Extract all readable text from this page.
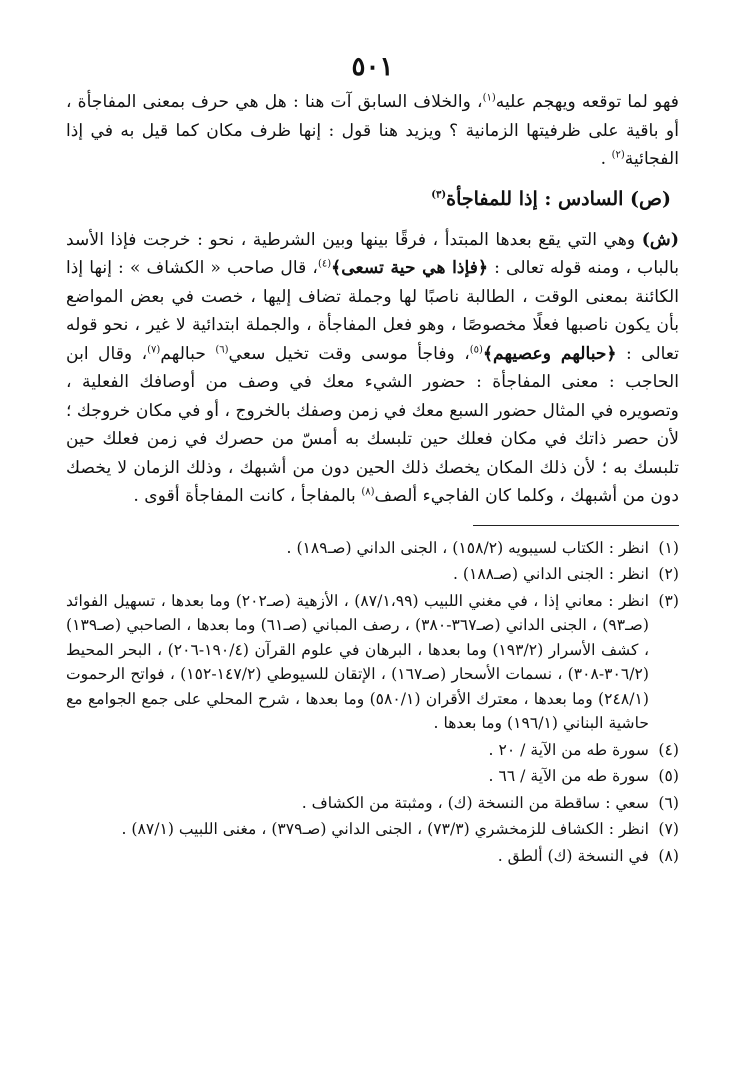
٥٠١

فهو لما توقعه ويهجم عليه$^{(١)}$، والخلاف السابق آت هنا : هل هي حرف بمعنى المفاجأة ، أو باقية على ظرفيتها الزمانية ؟ ويزيد هنا قول : إنها ظرف مكان كما قيل به في إذا الفجائية$^{(٢)}$ .

(ص) السادس : إذا للمفاجأة$^{(٣)}$

(ش) وهي التي يقع بعدها المبتدأ ، فرقًا بينها وبين الشرطية ، نحو : خرجت فإذا الأسد بالباب ، ومنه قوله تعالى : ﴿فإذا هي حية تسعى﴾$^{(٤)}$، قال صاحب « الكشاف » : إنها إذا الكائنة بمعنى الوقت ، الطالبة ناصبًا لها وجملة تضاف إليها ، خصت في بعض المواضع بأن يكون ناصبها فعلًا مخصوصًا ، وهو فعل المفاجأة ، والجملة ابتدائية لا غير ، نحو قوله تعالى : ﴿حبالهم وعصيهم﴾$^{(٥)}$، وفاجأ موسى وقت تخيل سعي$^{(٦)}$ حبالهم$^{(٧)}$، وقال ابن الحاجب : معنى المفاجأة : حضور الشيء معك في وصف من أوصافك الفعلية ، وتصويره في المثال حضور السبع معك في زمن وصفك بالخروج ، أو في مكان خروجك ؛ لأن حصر ذاتك في مكان فعلك حين تلبسك به أمسّ من حصرك في زمن فعلك حين تلبسك به ؛ لأن ذلك المكان يخصك ذلك الحين دون من أشبهك ، وذلك الزمان لا يخصك دون من أشبهك ، وكلما كان الفاجيء ألصف$^{(٨)}$ بالمفاجأ ، كانت المفاجأة أقوى .

(١)
انظر : الكتاب لسيبويه (١٥٨/٢) ، الجنى الداني (صـ١٨٩) .
(٢)
انظر : الجنى الداني (صـ١٨٨) .
(٣)
انظر : معاني إذا ، في مغني اللبيب (٨٧/١،٩٩) ، الأزهية (صـ٢٠٢) وما بعدها ، تسهيل الفوائد (صـ٩٣) ، الجنى الداني (صـ٣٦٧-٣٨٠) ، رصف المباني (صـ٦١) وما بعدها ، الصاحبي (صـ١٣٩) ، كشف الأسرار (١٩٣/٢) وما بعدها ، البرهان في علوم القرآن (١٩٠/٤-٢٠٦) ، البحر المحيط (٣٠٦/٢-٣٠٨) ، نسمات الأسحار (صـ١٦٧) ، الإتقان للسيوطي (١٤٧/٢-١٥٢) ، فواتح الرحموت (٢٤٨/١) وما بعدها ، معترك الأقران (٥٨٠/١) وما بعدها ، شرح المحلي على جمع الجوامع مع حاشية البناني (١٩٦/١) وما بعدها .
(٤)
سورة طه من الآية / ٢٠ .
(٥)
سورة طه من الآية / ٦٦ .
(٦)
سعي : ساقطة من النسخة (ك) ، ومثبتة من الكشاف .
(٧)
انظر : الكشاف للزمخشري (٧٣/٣) ، الجنى الداني (صـ٣٧٩) ، مغنى اللبيب (٨٧/١) .
(٨)
في النسخة (ك) ألطق .
